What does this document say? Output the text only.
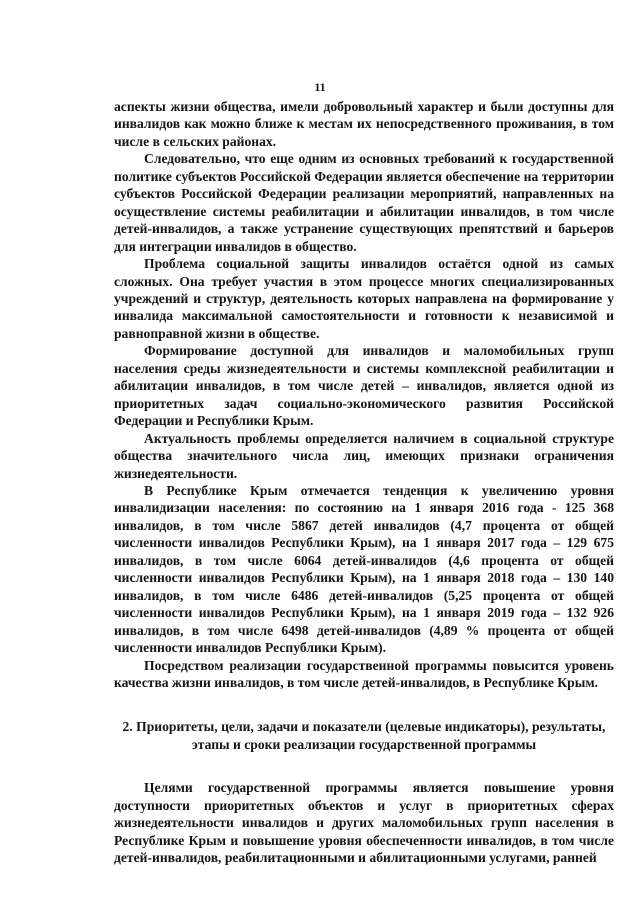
11

аспекты жизни общества, имели добровольный характер и были доступны для инвалидов как можно ближе к местам их непосредственного проживания, в том числе в сельских районах.

Следовательно, что еще одним из основных требований к государственной политике субъектов Российской Федерации является обеспечение на территории субъектов Российской Федерации реализации мероприятий, направленных на осуществление системы реабилитации и абилитации инвалидов, в том числе детей-инвалидов, а также устранение существующих препятствий и барьеров для интеграции инвалидов в общество.

Проблема социальной защиты инвалидов остаётся одной из самых сложных. Она требует участия в этом процессе многих специализированных учреждений и структур, деятельность которых направлена на формирование у инвалида максимальной самостоятельности и готовности к независимой и равноправной жизни в обществе.

Формирование доступной для инвалидов и маломобильных групп населения среды жизнедеятельности и системы комплексной реабилитации и абилитации инвалидов, в том числе детей – инвалидов, является одной из приоритетных задач социально-экономического развития Российской Федерации и Республики Крым.

Актуальность проблемы определяется наличием в социальной структуре общества значительного числа лиц, имеющих признаки ограничения жизнедеятельности.

В Республике Крым отмечается тенденция к увеличению уровня инвалидизации населения: по состоянию на 1 января 2016 года - 125 368 инвалидов, в том числе 5867 детей инвалидов (4,7 процента от общей численности инвалидов Республики Крым), на 1 января 2017 года – 129 675 инвалидов, в том числе 6064 детей-инвалидов (4,6 процента от общей численности инвалидов Республики Крым), на 1 января 2018 года – 130 140 инвалидов, в том числе 6486 детей-инвалидов (5,25 процента от общей численности инвалидов Республики Крым), на 1 января 2019 года – 132 926 инвалидов, в том числе 6498 детей-инвалидов (4,89 % процента от общей численности инвалидов Республики Крым).

Посредством реализации государственной программы повысится уровень качества жизни инвалидов, в том числе детей-инвалидов, в Республике Крым.

2. Приоритеты, цели, задачи и показатели (целевые индикаторы), результаты,
этапы и сроки реализации государственной программы

Целями государственной программы является повышение уровня доступности приоритетных объектов и услуг в приоритетных сферах жизнедеятельности инвалидов и других маломобильных групп населения в Республике Крым и повышение уровня обеспеченности инвалидов, в том числе детей-инвалидов, реабилитационными и абилитационными услугами, ранней
